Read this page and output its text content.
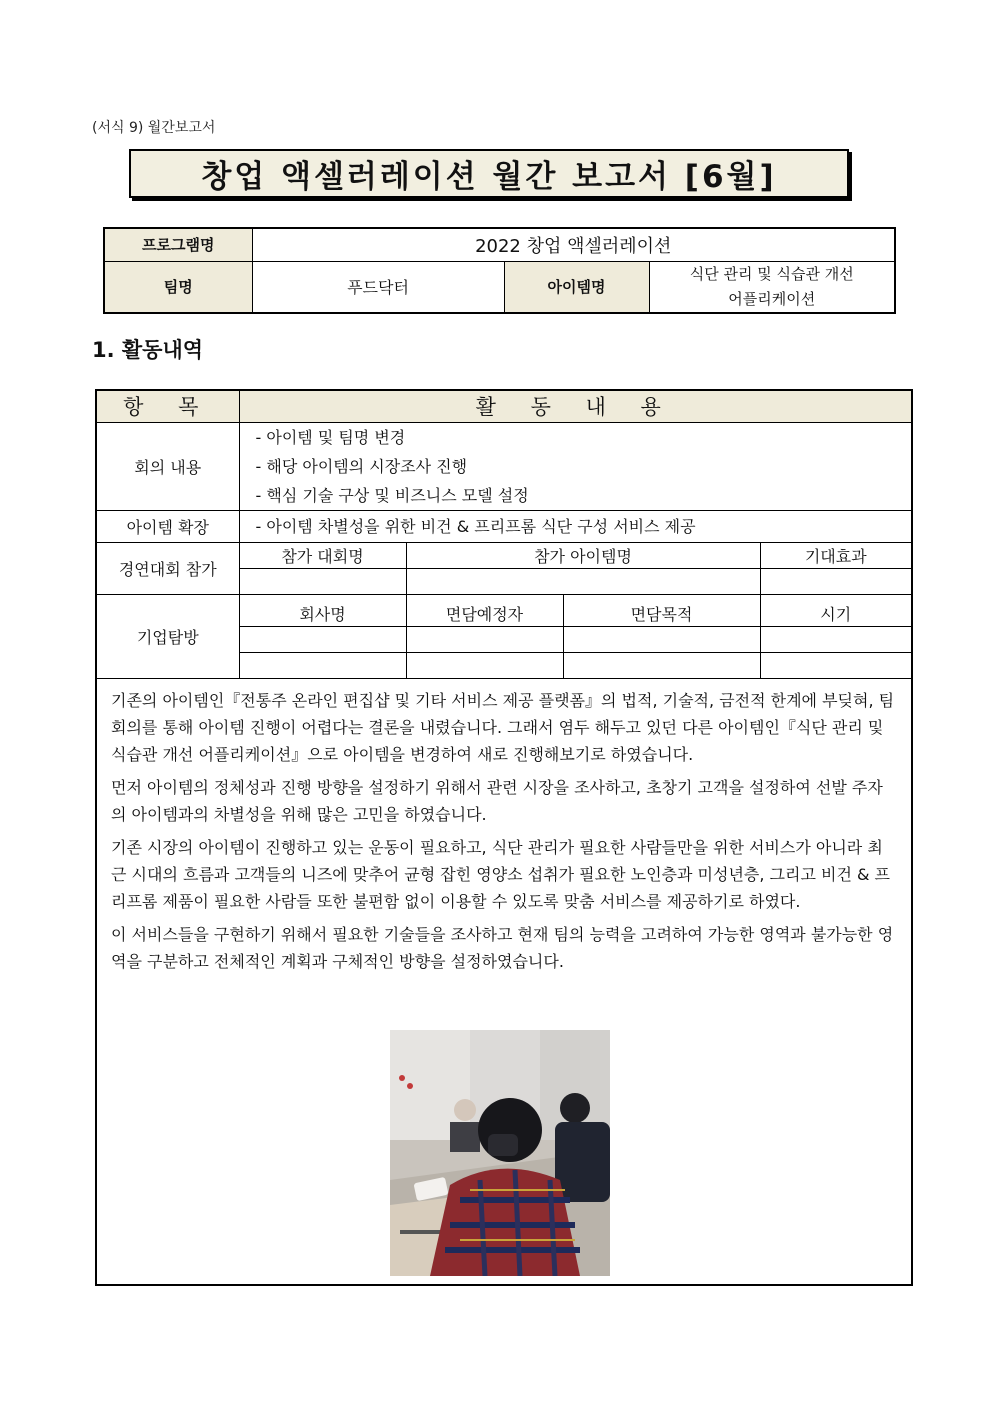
(서식 9) 월간보고서
창업 액셀러레이션 월간 보고서 [6월]
프로그램명	2022 창업 액셀러레이션		
팀명	푸드닥터	아이템명	식단 관리 및 식습관 개선
어플리케이션
1. 활동내역
항 목	활 동 내 용			
회의 내용	- 아이템 및 팀명 변경
- 해당 아이템의 시장조사 진행
- 핵심 기술 구상 및 비즈니스 모델 설정			

아이템 확장	- 아이템 차별성을 위한 비건 & 프리프롬 식단 구성 서비스 제공			
경연대회 참가	참가 대회명	참가 아이템명		기대효과

기업탐방	회사명	면담예정자	면담목적	시기

기존의 아이템인『전통주 온라인 편집샵 및 기타 서비스 제공 플랫폼』의 법적, 기술적, 금전적 한계에 부딪혀, 팀 회의를 통해 아이템 진행이 어렵다는 결론을 내렸습니다. 그래서 염두 해두고 있던 다른 아이템인『식단 관리 및 식습관 개선 어플리케이션』으로 아이템을 변경하여 새로 진행해보기로 하였습니다.

먼저 아이템의 정체성과 진행 방향을 설정하기 위해서 관련 시장을 조사하고, 초창기 고객을 설정하여 선발 주자의 아이템과의 차별성을 위해 많은 고민을 하였습니다.

기존 시장의 아이템이 진행하고 있는 운동이 필요하고, 식단 관리가 필요한 사람들만을 위한 서비스가 아니라 최근 시대의 흐름과 고객들의 니즈에 맞추어 균형 잡힌 영양소 섭취가 필요한 노인층과 미성년층, 그리고 비건 & 프리프롬 제품이 필요한 사람들 또한 불편함 없이 이용할 수 있도록 맞춤 서비스를 제공하기로 하였다.

이 서비스들을 구현하기 위해서 필요한 기술들을 조사하고 현재 팀의 능력을 고려하여 가능한 영역과 불가능한 영역을 구분하고 전체적인 계획과 구체적인 방향을 설정하였습니다.				
